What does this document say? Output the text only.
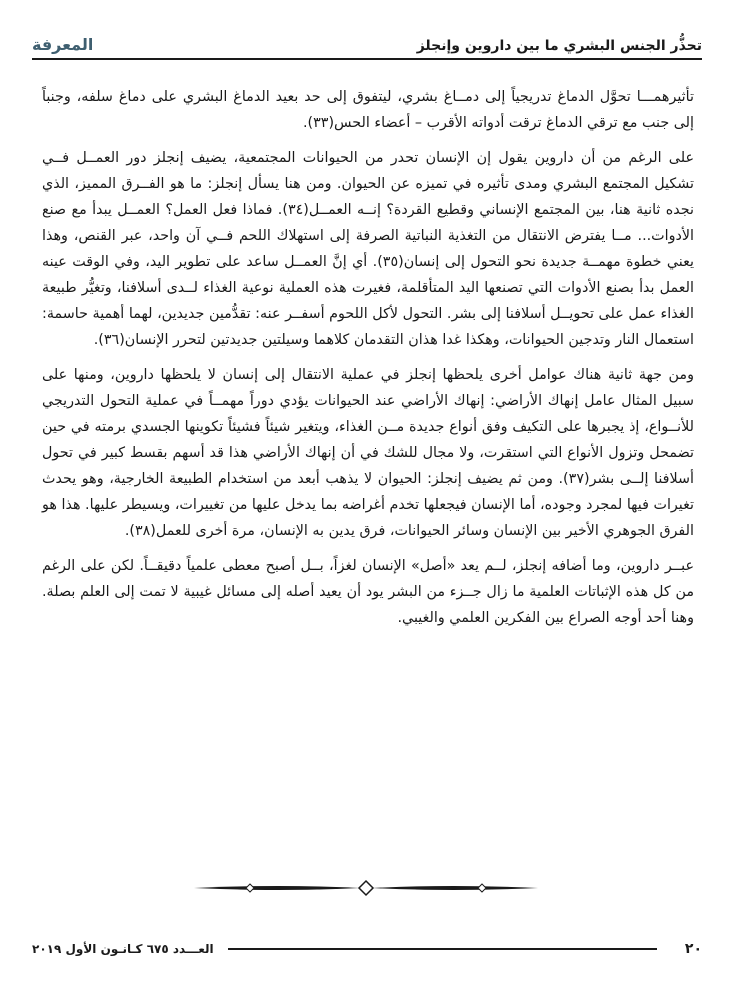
تحذُّر الجنس البشري ما بين داروين وإنجلز
المعرفة

تأثيرهمـــا تحوَّل الدماغ تدريجياً إلى دمــاغ بشري، ليتفوق إلى حد بعيد الدماغ البشري على دماغ سلفه، وجنباً إلى جنب مع ترقي الدماغ ترقت أدواته الأقرب – أعضاء الحس(٣٣).

على الرغم من أن داروين يقول إن الإنسان تحدر من الحيوانات المجتمعية، يضيف إنجلز دور العمــل فــي تشكيل المجتمع البشري ومدى تأثيره في تميزه عن الحيوان. ومن هنا يسأل إنجلز: ما هو الفــرق المميز، الذي نجده ثانية هنا، بين المجتمع الإنساني وقطيع القردة؟ إنــه العمــل(٣٤). فماذا فعل العمل؟ العمــل يبدأ مع صنع الأدوات... مــا يفترض الانتقال من التغذية النباتية الصرفة إلى استهلاك اللحم فــي آن واحد، عبر القنص، وهذا يعني خطوة مهمــة جديدة نحو التحول إلى إنسان(٣٥). أي إنَّ العمــل ساعد على تطوير اليد، وفي الوقت عينه العمل بدأ بصنع الأدوات التي تصنعها اليد المتأقلمة، فغيرت هذه العملية نوعية الغذاء لــدى أسلافنا، وتغيُّر طبيعة الغذاء عمل على تحويــل أسلافنا إلى بشر. التحول لأكل اللحوم أسفــر عنه: تقدُّمين جديدين، لهما أهمية حاسمة: استعمال النار وتدجين الحيوانات، وهكذا غدا هذان التقدمان كلاهما وسيلتين جديدتين لتحرر الإنسان(٣٦).

ومن جهة ثانية هناك عوامل أخرى يلحظها إنجلز في عملية الانتقال إلى إنسان لا يلحظها داروين، ومنها على سبيل المثال عامل إنهاك الأراضي: إنهاك الأراضي عند الحيوانات يؤدي دوراً مهمــاً في عملية التحول التدريجي للأنــواع، إذ يجبرها على التكيف وفق أنواع جديدة مــن الغذاء، ويتغير شيئاً فشيئاً تكوينها الجسدي برمته في حين تضمحل وتزول الأنواع التي استقرت، ولا مجال للشك في أن إنهاك الأراضي هذا قد أسهم بقسط كبير في تحول أسلافنا إلــى بشر(٣٧). ومن ثم يضيف إنجلز: الحيوان لا يذهب أبعد من استخدام الطبيعة الخارجية، وهو يحدث تغيرات فيها لمجرد وجوده، أما الإنسان فيجعلها تخدم أغراضه بما يدخل عليها من تغييرات، ويسيطر عليها. هذا هو الفرق الجوهري الأخير بين الإنسان وسائر الحيوانات، فرق يدين به الإنسان، مرة أخرى للعمل(٣٨).

عبــر داروين، وما أضافه إنجلز، لــم يعد «أصل» الإنسان لغزاً، بــل أصبح معطى علمياً دقيقــاً. لكن على الرغم من كل هذه الإثباتات العلمية ما زال جــزء من البشر يود أن يعيد أصله إلى مسائل غيبية لا تمت إلى العلم بصلة. وهنا أحد أوجه الصراع بين الفكرين العلمي والغيبي.

٢٠
العـــدد ٦٧٥ كـانـون الأول ٢٠١٩
